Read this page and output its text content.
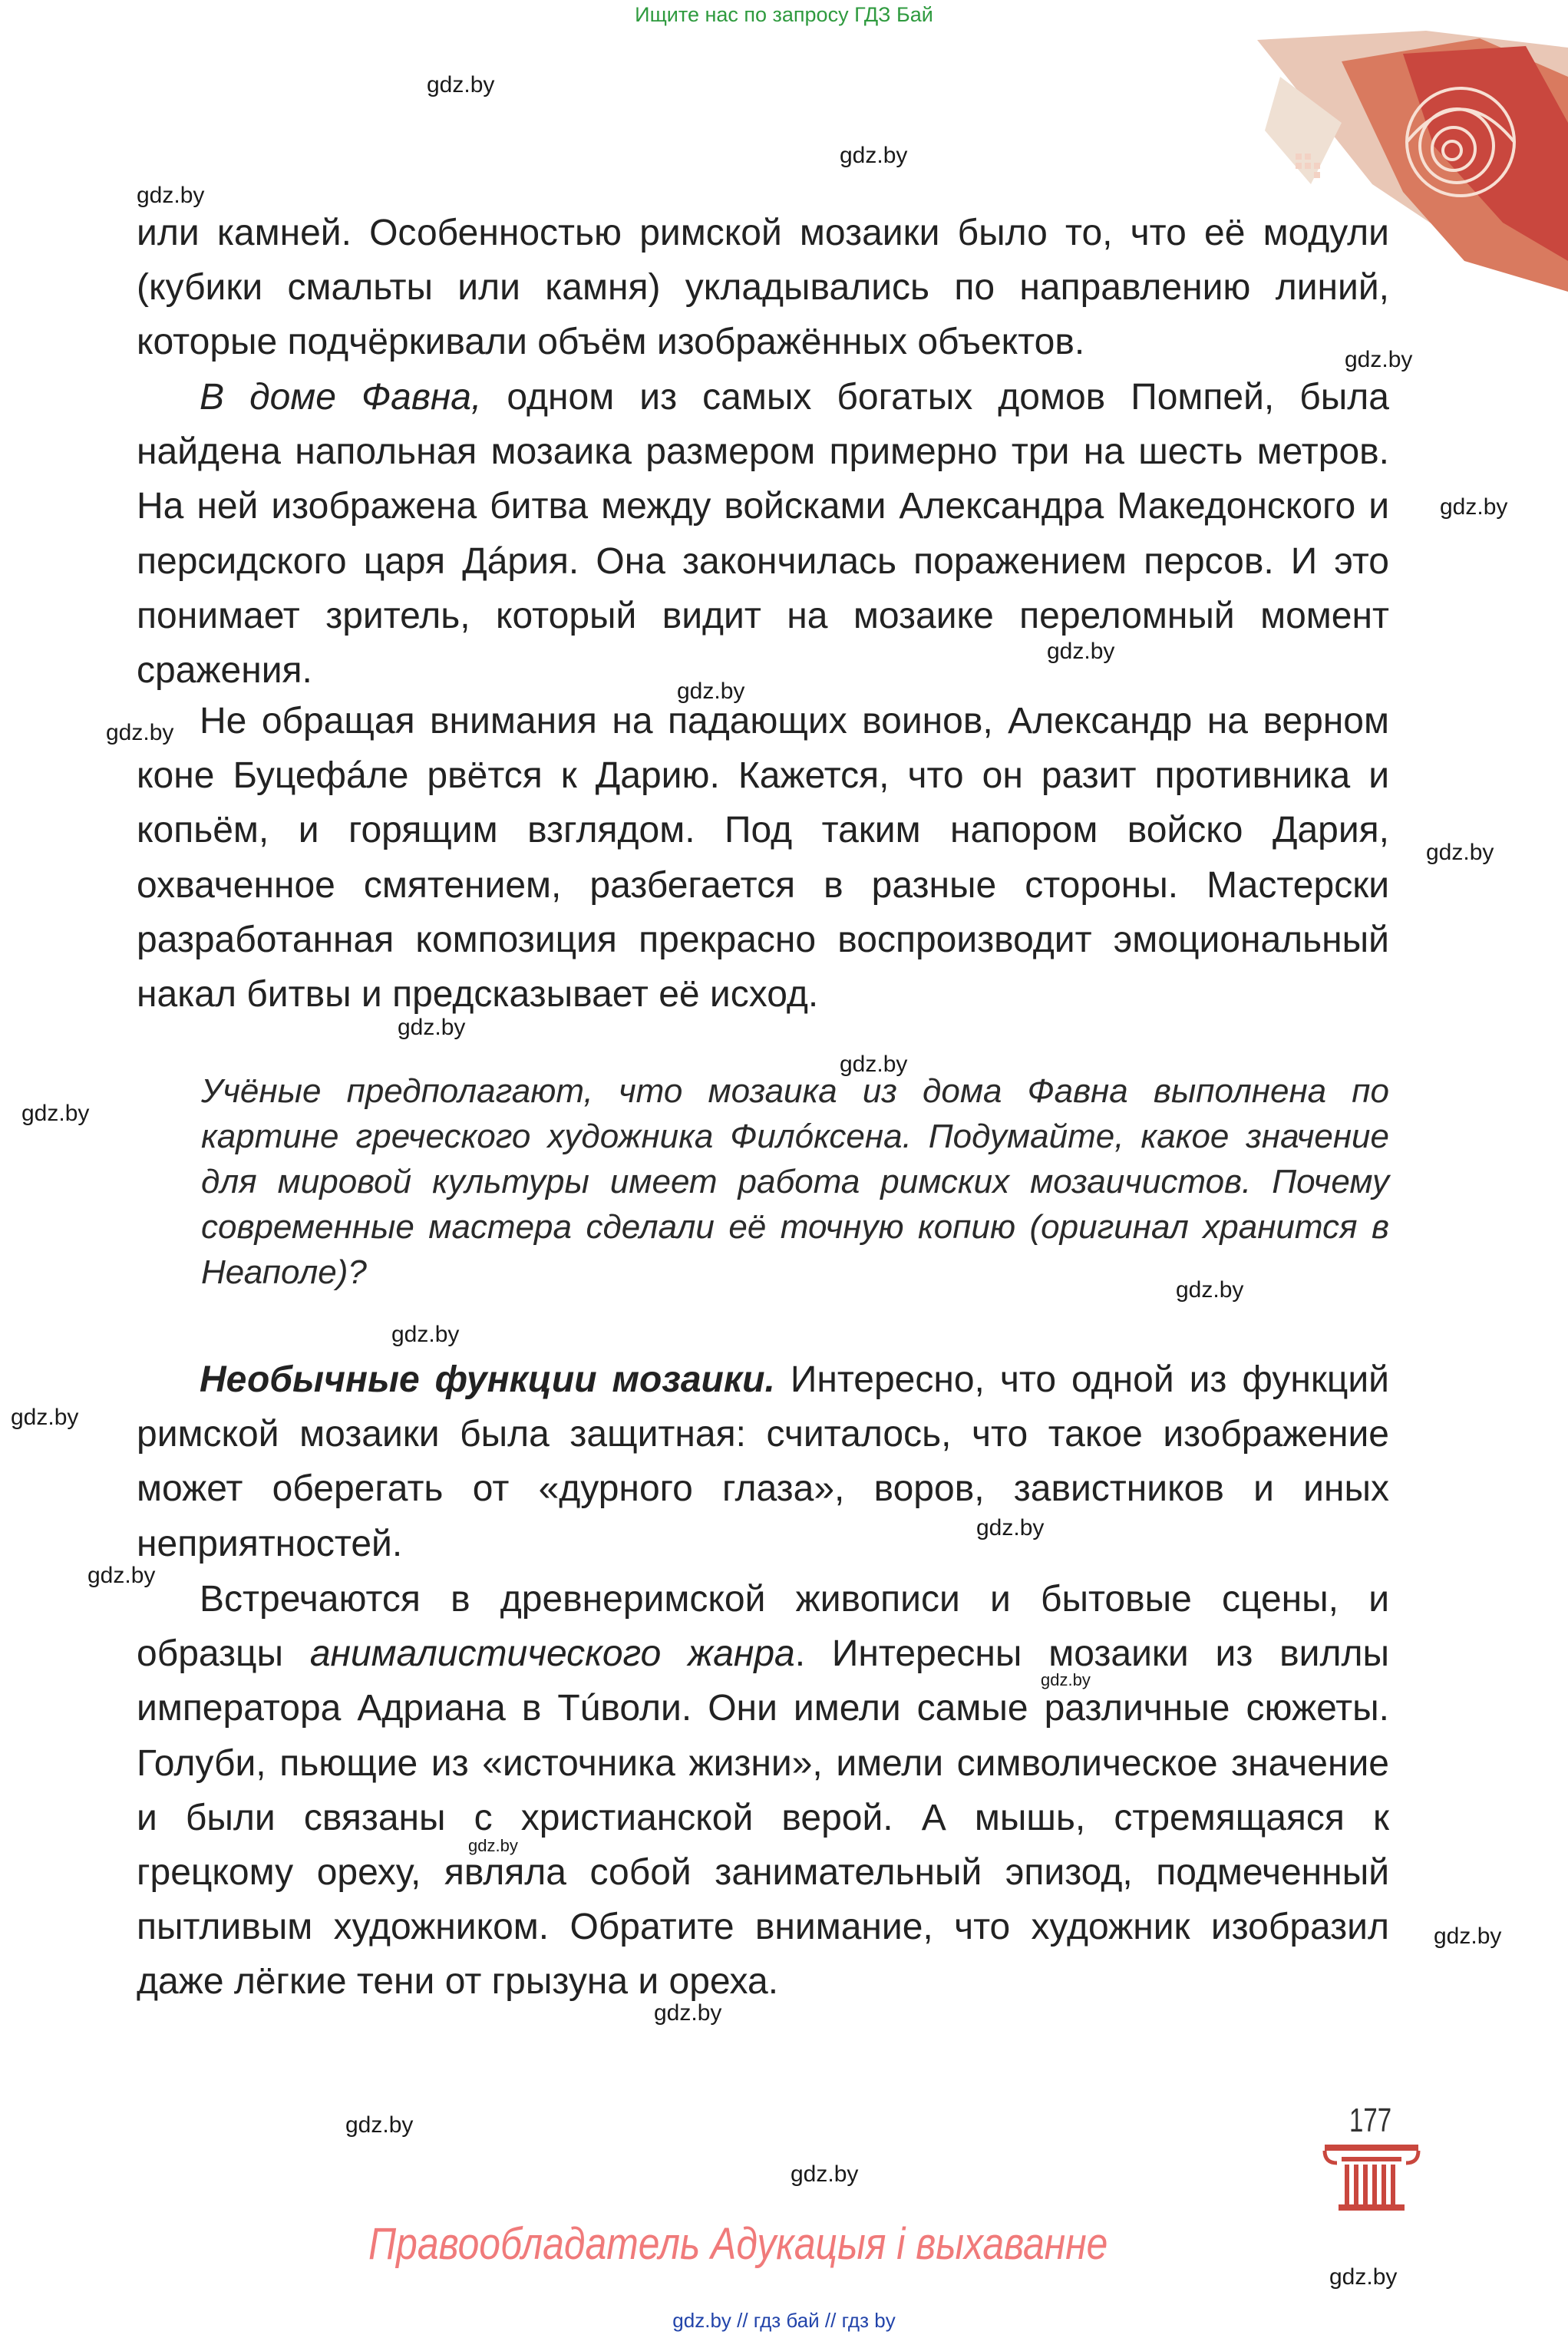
Ищите нас по запросу ГДЗ Бай
gdz.by
gdz.by
gdz.by
gdz.by
gdz.by
gdz.by
gdz.by
gdz.by
gdz.by
gdz.by
gdz.by
gdz.by
gdz.by
gdz.by
gdz.by
gdz.by
gdz.by
gdz.by
gdz.by
gdz.by
gdz.by
gdz.by
gdz.by
gdz.by

или камней. Особенностью римской мозаики было то, что её модули (кубики смальты или камня) укладывались по направлению линий, которые подчёркивали объём изображённых объектов.

В доме Фавна, одном из самых богатых домов Помпей, была найдена напольная мозаика размером примерно три на шесть метров. На ней изображена битва между войсками Александра Македонского и персидского царя Дáрия. Она закончилась поражением персов. И это понимает зритель, который видит на мозаике переломный момент сражения.

Не обращая внимания на падающих воинов, Александр на верном коне Буцефáле рвётся к Дарию. Кажется, что он разит противника и копьём, и горящим взглядом. Под таким напором войско Дария, охваченное смятением, разбегается в разные стороны. Мастерски разработанная композиция прекрасно воспроизводит эмоциональный накал битвы и предсказывает её исход.

Учёные предполагают, что мозаика из дома Фавна выполнена по картине греческого художника Филóксена. Подумайте, какое значение для мировой культуры имеет работа римских мозаичистов. Почему современные мастера сделали её точную копию (оригинал хранится в Неаполе)?

Необычные функции мозаики. Интересно, что одной из функций римской мозаики была защитная: считалось, что такое изображение может оберегать от «дурного глаза», воров, завистников и иных неприятностей.

Встречаются в древнеримской живописи и бытовые сцены, и образцы анималистического жанра. Интересны мозаики из виллы императора Адриана в Тúволи. Они имели самые различные сюжеты. Голуби, пьющие из «источника жизни», имели символическое значение и были связаны с христианской верой. А мышь, стремящаяся к грецкому ореху, являла собой занимательный эпизод, подмеченный пытливым художником. Обратите внимание, что художник изобразил даже лёгкие тени от грызуна и ореха.

177
Правообладатель Адукацыя і выхаванне
gdz.by // гдз бай // гдз by
